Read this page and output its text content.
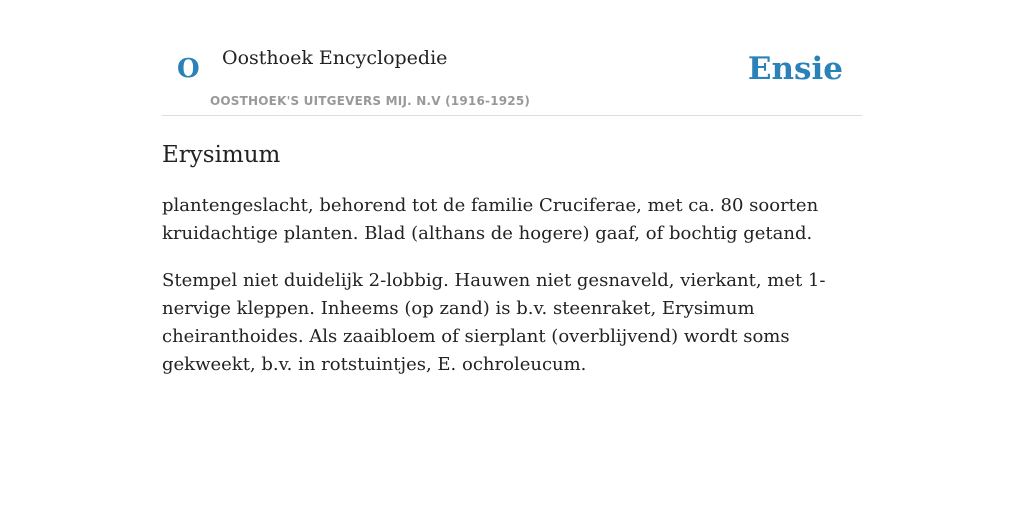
O Oosthoek Encyclopedie
OOSTHOEK'S UITGEVERS MIJ. N.V (1916-1925)
Ensie
Erysimum

plantengeslacht, behorend tot de familie Cruciferae, met ca. 80 soorten kruidachtige planten. Blad (althans de hogere) gaaf, of bochtig getand.

Stempel niet duidelijk 2-lobbig. Hauwen niet gesnaveld, vierkant, met 1-nervige kleppen. Inheems (op zand) is b.v. steenraket, Erysimum cheiranthoides. Als zaaibloem of sierplant (overblijvend) wordt soms gekweekt, b.v. in rotstuintjes, E. ochroleucum.
